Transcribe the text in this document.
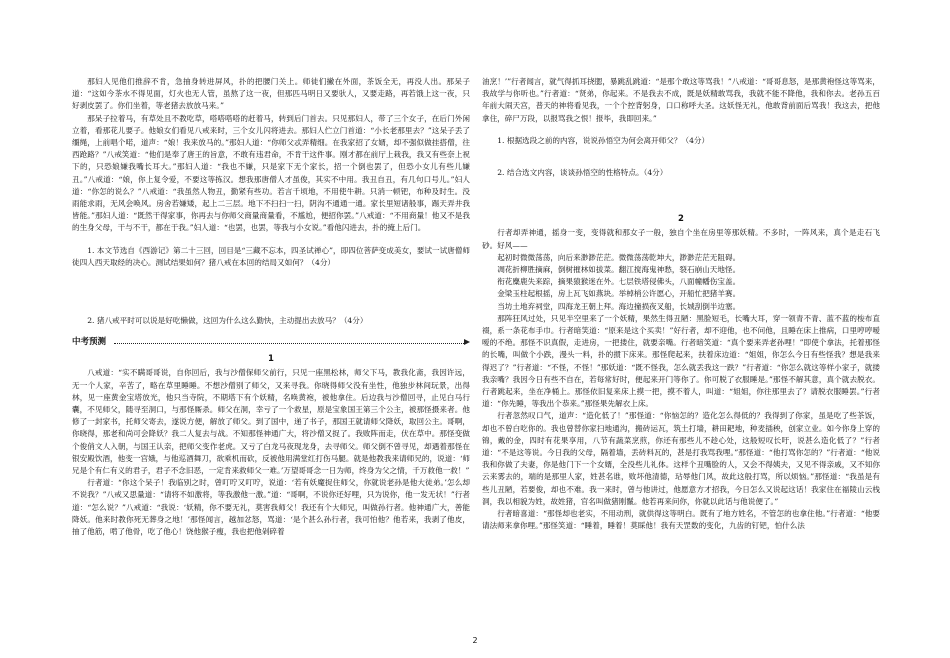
那妇人见他们推辞不肯，急抽身转进屏风，扑的把腰门关上。师徒们撇在外面，茶饭全无，再没人出。那呆子道：“这如今茶水不得见面，灯火也无人管，虽熬了这一夜，但那匹马明日又要驮人，又要走路，再若饿上这一夜，只好剥皮罢了。你们坐着，等老猪去放放马来。”

那呆子拉着马，有草处且不教吃草，嗒嗒嗒嗒的赶着马，转到后门首去。只见那妇人，带了三个女子，在后门外闲立着，看那花儿要子。他娘女们看见八戒来时，三个女儿闪将进去。那妇人伫立门首道：“小长老那里去？”这呆子丢了缰绳，上前唱个喏，道声：“娘！我来放马的。”那妇人道：“你师父忒弄精细。在我家招了女婿，却不强似做挂搭僧，往西跄路？”八戒笑道：“他们是奉了唐王的旨意，不敢有违君命，不肯干这件事。刚才都在前厅上栽我，我又有些奈上祝下的，只恐娘嫌我嘴长耳大。”那妇人道：“我也不嫌，只是家下无个家长，招一个倒也罢了，但恐小女儿有些儿嫌丑。”八戒道：“娘，你上复令爱，不要这等拣汉。想我那唐僧人才虽俊，其实不中用。我丑自丑，有几句口号儿。”妇人道：“你怎的说么？”八戒道：“我虽然人物丑，勤紧有些功。若言千顷地，不用使牛耕。只消一顿钯，布种及时生。没雨能求雨，无风会唤风。房舍若嫌矮，起上二三层。地下不扫扫一扫，阴沟不通通一通。家长里短诸般事，踢天弄井我皆能。”那妇人道：“既然干得家事，你再去与你师父商量商量看，不尴尬，便招你罢。”八戒道：“不用商量！他又不是我的生身父母，干与不干，都在于我。”妇人道：“也罢，也罢，等我与小女说。”看他闪进去，扑的掩上后门。

1. 本文节选自《西游记》第二十三回，回目是“三藏不忘本，四圣试禅心”，即四位菩萨变成美女，要试一试唐僧师徒四人西天取经的决心。测试结果如何？猪八戒在本回的结局又如何？（4分）

2. 猪八戒平时可以说是好吃懒做，这回为什么这么勤快，主动提出去放马？（4分）

中考预测
1

八戒道：“实不瞒哥哥说，自你回后，我与沙僧保师父前行，只见一座黑松林，师父下马，教我化斋，我因许远，无一个人家，辛苦了，略在草里睡睡。不想沙僧别了师父，又来寻我。你晓得师父没有坐性，他独步林间玩景，出得林，见一座黄金宝塔放光，他只当寺院，不期塔下有个妖精，名唤黄袍，被他拿住。后边我与沙僧回寻，止见白马行囊，不见师父，随寻至洞口，与那怪厮杀。师父在洞，幸亏了一个救星，原是宝象国王第三个公主，被那怪摄来者。他修了一封家书，托师父寄去，遂说方便，解放了师父。到了国中，递了书子，那国王就请师父降妖，取回公主。哥啊，你晓得，那老和尚可会降妖？我二人复去与战。不知那怪神通广大，将沙僧又捉了。我败阵而走，伏在草中。那怪变做个俊俏文人入朝，与国王认亲，把师父变作老虎。又亏了白龙马夜现龙身，去寻师父。师父倒不曾寻见，却遇着那怪在银安殿饮酒，他变一宫娥，与他巡酒舞刀，欲乘机而砍，反被他用满堂红打伤马腿。就是他教我来请师兄的，说道：‘师兄是个有仁有义的君子，君子不念旧恶，一定肯来救师父一难。’万望哥哥念一日为师，终身为父之情，千万救他一救！”

行者道：“你这个呆子！我临别之时，曾叮咛又叮咛，说道：‘若有妖魔捉住师父，你就说老孙是他大徒弟。’怎么却不说我？”八戒又思量道：“请将不如激将，等我激他一激。”道：“哥啊，不说你还好哩，只为说你，他一发无状！”行者道：“怎么说？”八戒道：“我说：‘妖精，你不要无礼，莫害我师父！我还有个大师兄，叫做孙行者。他神通广大，善能降妖。他来时教你死无葬身之地！’那怪闻言，越加忿怒，骂道：‘是个甚么孙行者，我可怕他？他若来，我剥了他皮，抽了他筋，啃了他骨，吃了他心！饶他猴子瘦，我也把他剁碎着

油烹！’”行者闻言，就气得抓耳挠腮，暴跳乱跳道：“是那个敢这等骂我！”八戒道：“哥哥息怒，是那黄袍怪这等骂来，我故学与你听也。”行者道：“贤弟，你起来。不是我去不成，既是妖精敢骂我，我就不能不降他，我和你去。老孙五百年前大闹天宫，普天的神将看见我，一个个控背躬身，口口称呼大圣。这妖怪无礼，他敢背前面后骂我！我这去，把他拿住，碎尸万段，以报骂我之恨！报毕，我即回来。”

1. 根据选段之前的内容，说说孙悟空为何会离开师父？（4分）

2. 结合选文内容，谈谈孙悟空的性格特点。（4分）

2

行者却弄神通，摇身一变，变得就和那女子一般，独自个坐在房里等那妖精。不多时，一阵风来，真个是走石飞砂。好风——

起初时微微荡荡，向后来渺渺茫茫。微微荡荡乾坤大，渺渺茫茫无阻碍。

凋花折柳胜摘麻，倒树摧林如拔菜。翻江搅海鬼神愁，裂石崩山天地怪。

衔花麋鹿失来踪，摘果猿猴迷在外。七层铁塔侵佛头，八面幢幡伤宝盖。

金梁玉柱起根摇，房上瓦飞如燕块。举棹梢公许愿心，开船忙把猪羊赛。

当坊土地弃祠堂，四海龙王朝上拜。海边撞损夜叉船，长城刮倒半边塞。

那阵狂风过处，只见半空里来了一个妖精，果然生得丑陋：黑脸短毛，长嘴大耳，穿一领青不青、蓝不蓝的梭布直裰，系一条花布手巾。行者暗笑道：“原来是这个买卖！”好行者，却不迎他，也不问他，且睡在床上推病，口里哼哼嗳嗳的不绝。那怪不识真假，走进房，一把搂住，就要亲嘴。行者暗笑道：“真个要来弄老孙哩！”即使个拿法，托着那怪的长嘴，叫做个小跌，漫头一料，扑的掼下床来。那怪爬起来，扶着床边道：“姐姐，你怎么今日有些怪我？想是我来得迟了？”行者道：“不怪，不怪！”那妖道：“既不怪我，怎么就丢我这一跌？”行者道：“你怎么就这等样小家子，就搂我亲嘴？我因今日有些不自在，若每常好时，便起来开门等你了。你可脱了衣服睡是。”那怪不解其意，真个就去脱衣。行者跳起来，坐在净桶上。那怪依旧复来床上摸一把，摸不着人，叫道：“姐姐，你往那里去了？请脱衣服睡罢。”行者道：“你先睡，等我出个恭来。”那怪果先解衣上床。

行者忽然叹口气，道声：“造化低了！”那怪道：“你恼怎的？造化怎么得低的？我得到了你家，虽是吃了些茶饭，却也不曾白吃你的。我也曾替你家扫地通沟，搬砖运瓦，筑土打墙，耕田耙地，种麦插秧，创家立业。如今你身上穿的锦，戴的金，四时有花果享用，八节有蔬菜烹煎，你还有那些儿不趁心处，这般短叹长吁，说甚么造化低了？”行者道：“不是这等说。今日我的父母，隔着墙，丢砖料瓦的，甚是打我骂我哩。”那怪道：“他打骂你怎的？”行者道：“他说我和你做了夫妻，你是他门下一个女婿，全没些儿礼体。这样个丑嘴脸的人，又会不得姨夫，又见不得亲戚，又不知你云来雾去的，端的是那里人家，姓甚名谁，败坏他清德，玷辱他门风，故此这般打骂，所以烦恼。”那怪道：“我虽是有些儿丑陋，若要俊，却也不难。我一来时，曾与他讲过，他愿意方才招我，今日怎么又说起这话！我家住在福陵山云栈洞，我以相貌为姓，故姓猪，官名叫做猪刚鬣。他若再来问你，你就以此话与他说便了。”

行者暗喜道：“那怪却也老实，不用动刑，就供得这等明白。既有了地方姓名，不管怎的也拿住他。”行者道：“他要请法师来拿你哩。”那怪笑道：“睡着，睡着！莫睬他！我有天罡数的变化，九齿的钉钯，怕什么法

2
